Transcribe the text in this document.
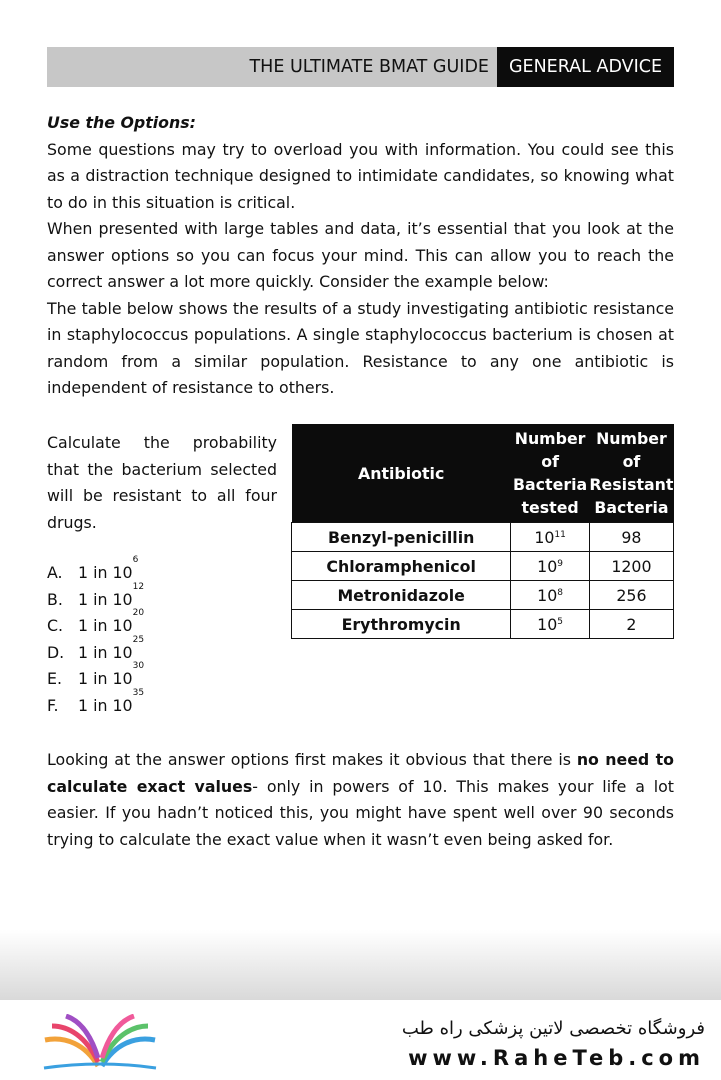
THE ULTIMATE BMAT GUIDE	GENERAL ADVICE

Use the Options:

Some questions may try to overload you with information. You could see this as a distraction technique designed to intimidate candidates, so knowing what to do in this situation is critical.

When presented with large tables and data, it’s essential that you look at the answer options so you can focus your mind. This can allow you to reach the correct answer a lot more quickly. Consider the example below:

The table below shows the results of a study investigating antibiotic resistance in staphylococcus populations. A single staphylococcus bacterium is chosen at random from a similar population. Resistance to any one antibiotic is independent of resistance to others.

Calculate the probability that the bacterium selected will be resistant to all four drugs.
A. 1 in 10
6
B. 1 in 10
12
C. 1 in 10
20
D. 1 in 10
25
E.	1 in 10
30
F.	1 in 10
35
Antibiotic	Number of Bacteria tested	Number of Resistant Bacteria
Benzyl-penicillin	$10^{11}$	98
Chloramphenicol	$10^9$	1200
Metronidazole	$10^8$	256
Erythromycin	$10^5$	2
Looking at the answer options first makes it obvious that there is no need to calculate exact values- only in powers of 10. This makes your life a lot easier. If you hadn’t noticed this, you might have spent well over 90 seconds trying to calculate the exact value when it wasn’t even being asked for.
فروشگاه تخصصی لاتین پزشکی راه طب
www.RaheTeb.com
